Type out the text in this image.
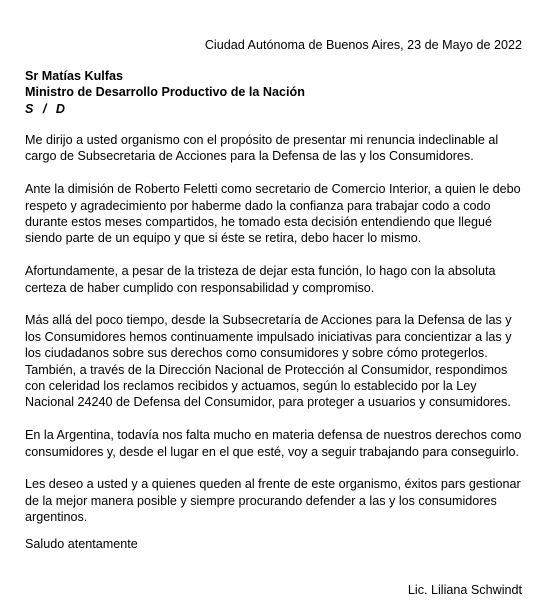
Ciudad Autónoma de Buenos Aires, 23 de Mayo de 2022
Sr Matías Kulfas
Ministro de Desarrollo Productivo de la Nación
S / D

Me dirijo a usted organismo con el propósito de presentar mi renuncia indeclinable al cargo de Subsecretaria de Acciones para la Defensa de las y los Consumidores.

Ante la dimisión de Roberto Feletti como secretario de Comercio Interior, a quien le debo respeto y agradecimiento por haberme dado la confianza para trabajar codo a codo durante estos meses compartidos, he tomado esta decisión entendiendo que llegué siendo parte de un equipo y que si éste se retira, debo hacer lo mismo.

Afortundamente, a pesar de la tristeza de dejar esta función, lo hago con la absoluta certeza de haber cumplido con responsabilidad y compromiso.

Más allá del poco tiempo, desde la Subsecretaría de Acciones para la Defensa de las y los Consumidores hemos continuamente impulsado iniciativas para concientizar a las y los ciudadanos sobre sus derechos como consumidores y sobre cómo protegerlos. También, a través de la Dirección Nacional de Protección al Consumidor, respondimos con celeridad los reclamos recibidos y actuamos, según lo establecido por la Ley Nacional 24240 de Defensa del Consumidor, para proteger a usuarios y consumidores.

En la Argentina, todavía nos falta mucho en materia defensa de nuestros derechos como consumidores y, desde el lugar en el que esté, voy a seguir trabajando para conseguirlo.

Les deseo a usted y a quienes queden al frente de este organismo, éxitos pars gestionar de la mejor manera posible y siempre procurando defender a las y los consumidores argentinos.

Saludo atentamente
Lic. Liliana Schwindt
